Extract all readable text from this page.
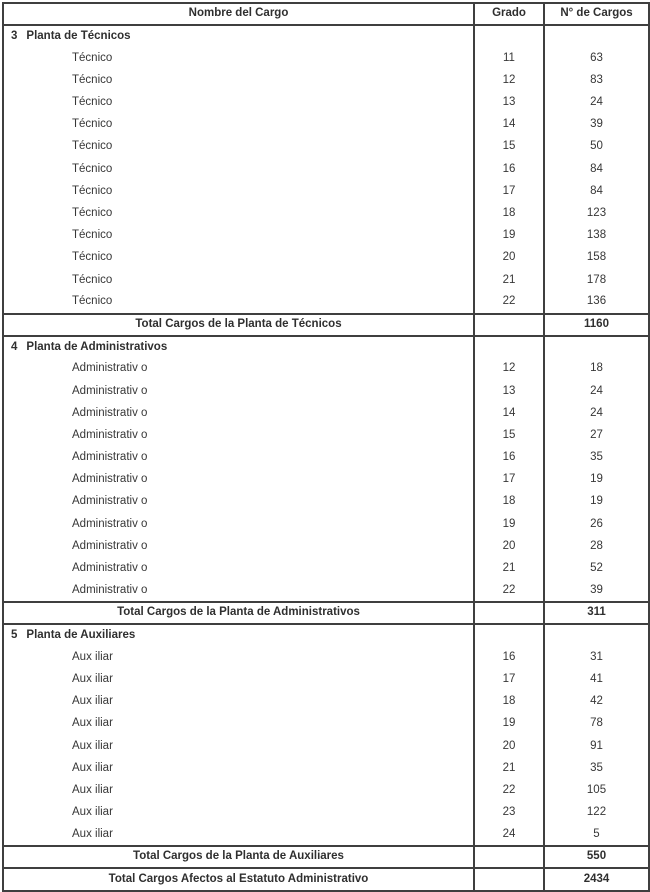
Nombre del Cargo	Grado	N° de Cargos
3 Planta de Técnicos		
Técnico	11	63
Técnico	12	83
Técnico	13	24
Técnico	14	39
Técnico	15	50
Técnico	16	84
Técnico	17	84
Técnico	18	123
Técnico	19	138
Técnico	20	158
Técnico	21	178
Técnico	22	136
Total Cargos de la Planta de Técnicos		1160
4 Planta de Administrativos		
Administrativ o	12	18
Administrativ o	13	24
Administrativ o	14	24
Administrativ o	15	27
Administrativ o	16	35
Administrativ o	17	19
Administrativ o	18	19
Administrativ o	19	26
Administrativ o	20	28
Administrativ o	21	52
Administrativ o	22	39
Total Cargos de la Planta de Administrativos		311
5 Planta de Auxiliares		
Aux iliar	16	31
Aux iliar	17	41
Aux iliar	18	42
Aux iliar	19	78
Aux iliar	20	91
Aux iliar	21	35
Aux iliar	22	105
Aux iliar	23	122
Aux iliar	24	5
Total Cargos de la Planta de Auxiliares		550
Total Cargos Afectos al Estatuto Administrativo		2434
